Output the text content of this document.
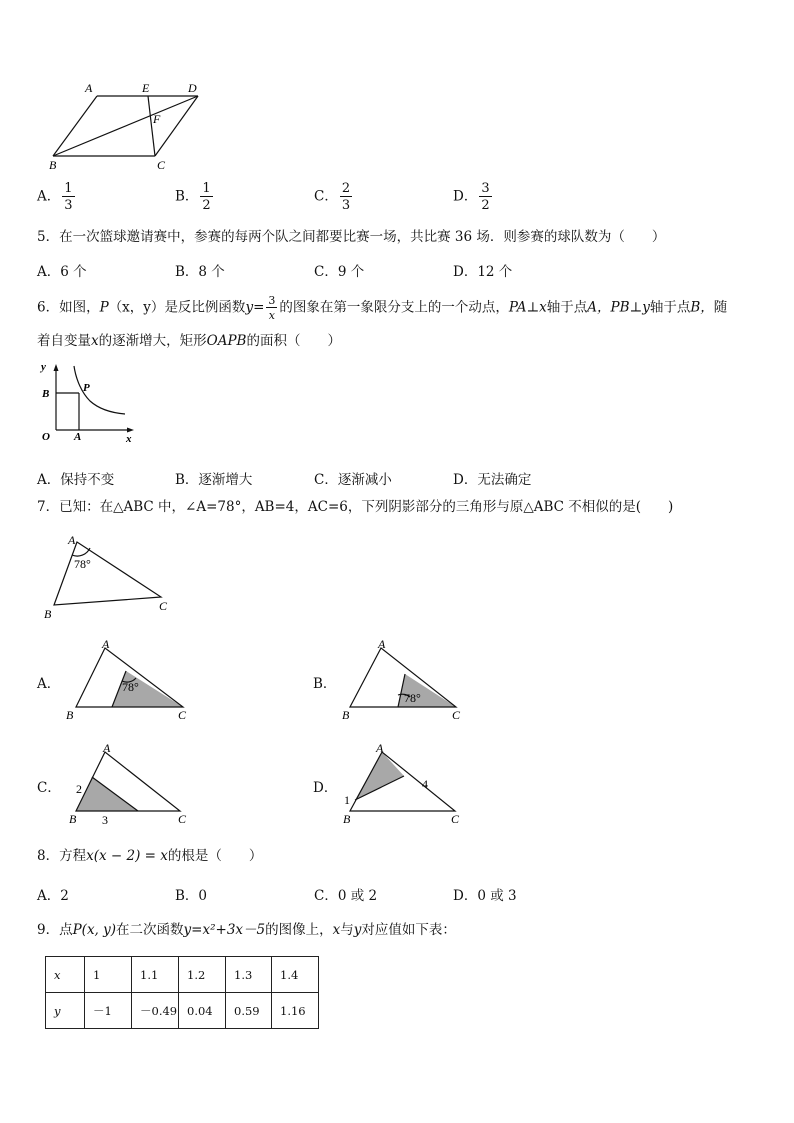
A	E	D
F
B	C
A． $\frac{1}{3}$	B． $\frac{1}{2}$	C． $\frac{2}{3}$	D． $\frac{3}{2}$
5．在一次篮球邀请赛中，参赛的每两个队之间都要比赛一场，共比赛 36 场．则参赛的球队数为（　　）
A．6 个	B．8 个	C．9 个	D．12 个
6．如图，P（x，y）是反比例函数$y= \frac{3}{x}$ 的图象在第一象限分支上的一个动点，PA⊥x轴于点A，PB⊥y轴于点B，随
着自变量x的逐渐增大，矩形OAPB的面积（　　）
y
B	P
O A	x
A．保持不变	B．逐渐增大	C．逐渐减小	D．无法确定
7．已知：在△ABC 中，∠A=78°，AB=4，AC=6，下列阴影部分的三角形与原△ABC 不相似的是(　　)
A
78°
B
C
A．
A
78°
B	C
B．
A
78°
B	C
C．
A
2
B 3	C
D．
A
4
1
B	C
8．方程x(x − 2) = x的根是（　　）
A．2	B．0	C．0 或 2	D．0 或 3
9．点P(x, y)在二次函数y=x²+3x－5的图像上，x与y对应值如下表：
x	1	1.1	1.2	1.3	1.4
y	－1	－0.49	0.04	0.59	1.16
